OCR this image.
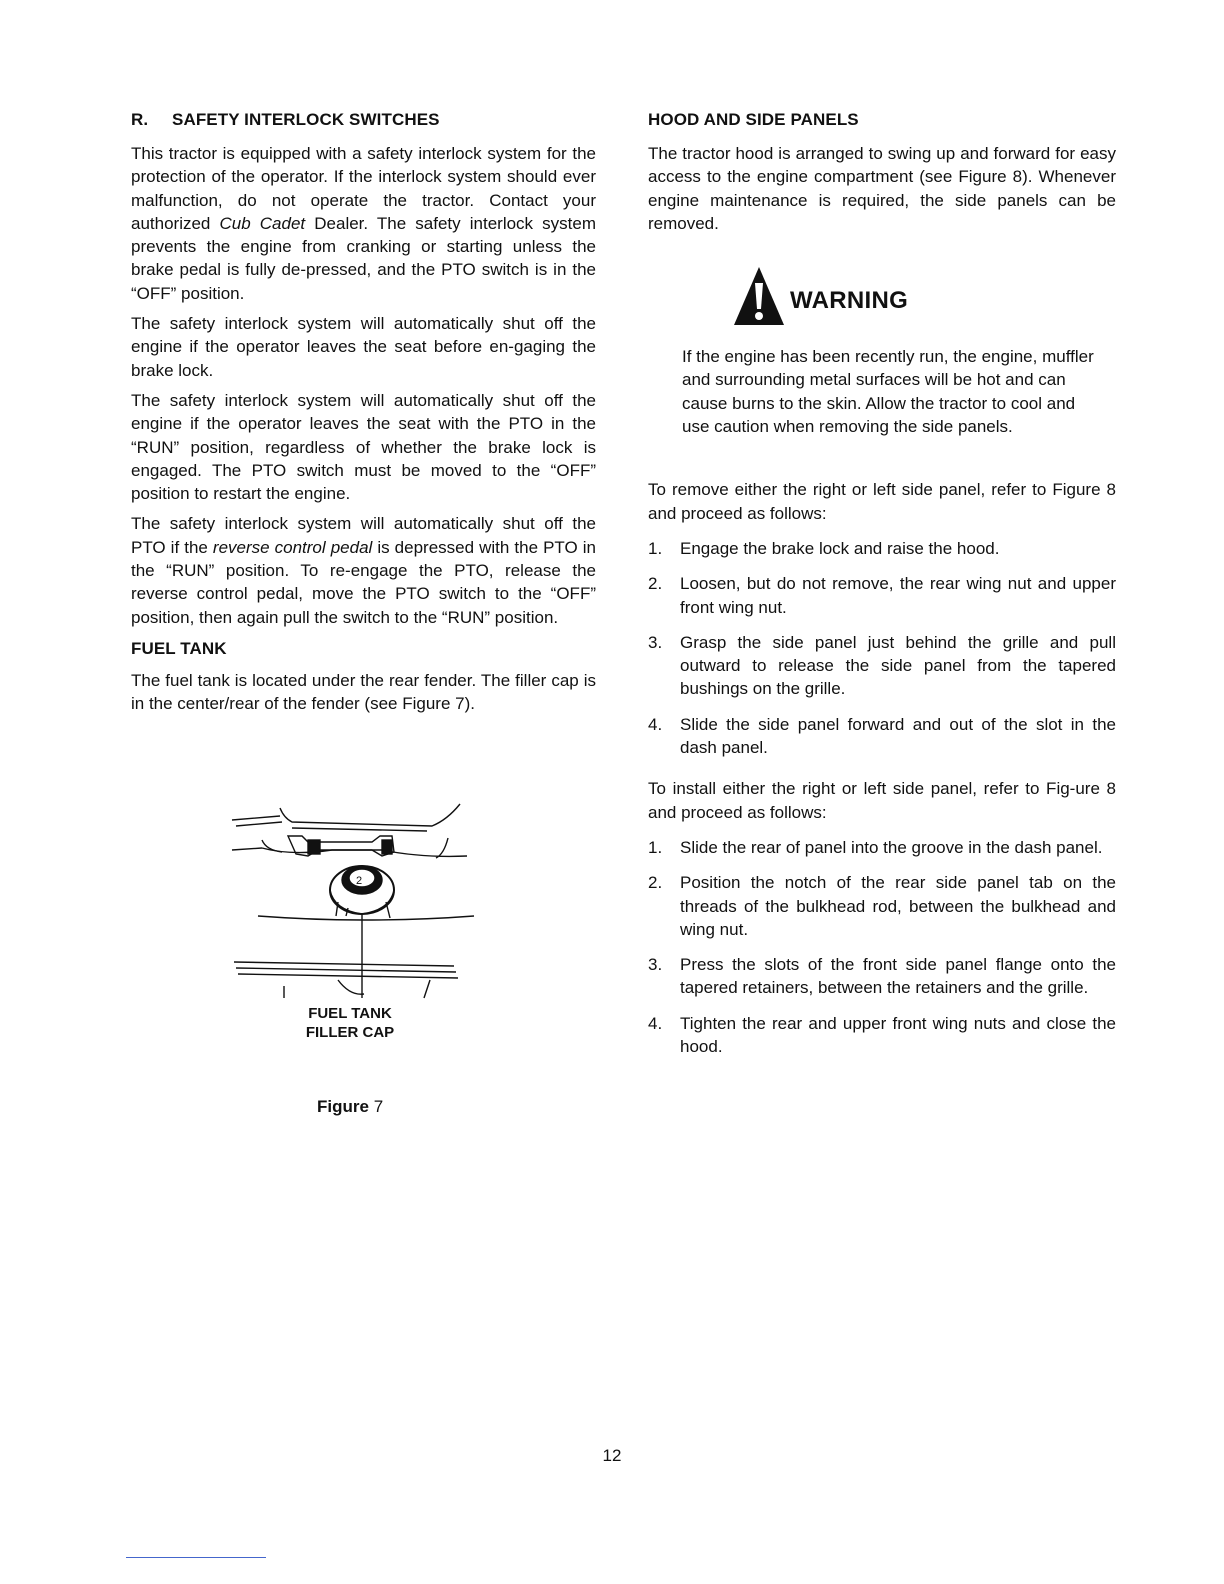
R. SAFETY INTERLOCK SWITCHES

This tractor is equipped with a safety interlock system for the protection of the operator. If the interlock system should ever malfunction, do not operate the tractor. Contact your authorized Cub Cadet Dealer. The safety interlock system prevents the engine from cranking or starting unless the brake pedal is fully de-pressed, and the PTO switch is in the “OFF” position.

The safety interlock system will automatically shut off the engine if the operator leaves the seat before en-gaging the brake lock.

The safety interlock system will automatically shut off the engine if the operator leaves the seat with the PTO in the “RUN” position, regardless of whether the brake lock is engaged. The PTO switch must be moved to the “OFF” position to restart the engine.

The safety interlock system will automatically shut off the PTO if the reverse control pedal is depressed with the PTO in the “RUN” position. To re-engage the PTO, release the reverse control pedal, move the PTO switch to the “OFF” position, then again pull the switch to the “RUN” position.

FUEL TANK

The fuel tank is located under the rear fender. The filler cap is in the center/rear of the fender (see Figure 7).

2
FUEL TANK
FILLER CAP
Figure 7
HOOD AND SIDE PANELS

The tractor hood is arranged to swing up and forward for easy access to the engine compartment (see Figure 8). Whenever engine maintenance is required, the side panels can be removed.

WARNING

If the engine has been recently run, the engine, muffler and surrounding metal surfaces will be hot and can cause burns to the skin. Allow the tractor to cool and use caution when removing the side panels.

To remove either the right or left side panel, refer to Figure 8 and proceed as follows:

1.	Engage the brake lock and raise the hood.
2.	Loosen, but do not remove, the rear wing nut and upper front wing nut.
3.	Grasp the side panel just behind the grille and pull outward to release the side panel from the tapered bushings on the grille.
4.	Slide the side panel forward and out of the slot in the dash panel.

To install either the right or left side panel, refer to Fig-ure 8 and proceed as follows:

1.	Slide the rear of panel into the groove in the dash panel.
2.	Position the notch of the rear side panel tab on the threads of the bulkhead rod, between the bulkhead and wing nut.
3.	Press the slots of the front side panel flange onto the tapered retainers, between the retainers and the grille.
4.	Tighten the rear and upper front wing nuts and close the hood.
12
